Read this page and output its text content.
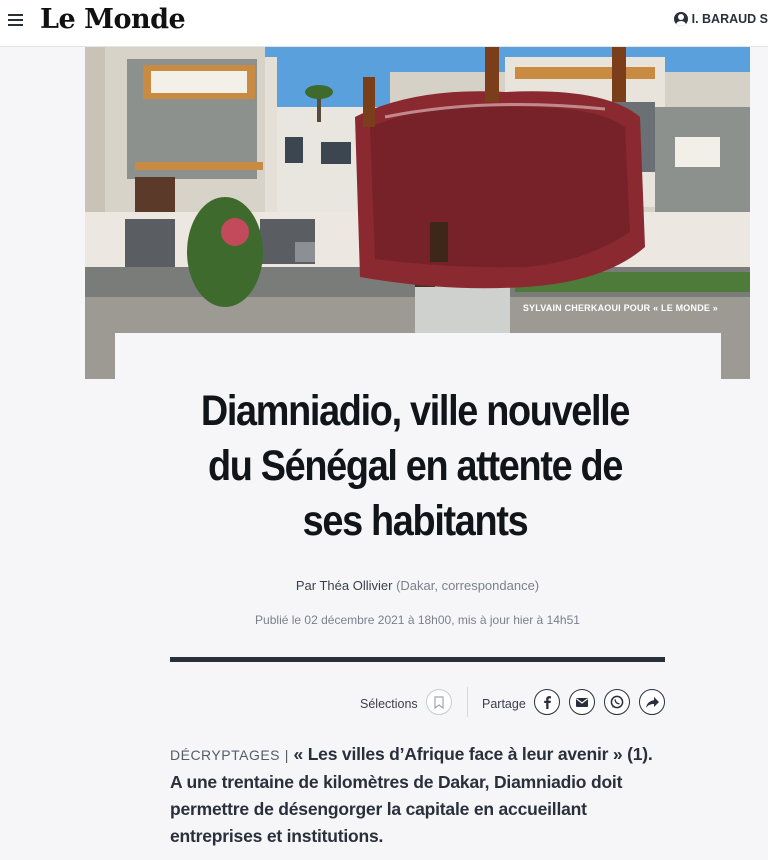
Le Monde	I. BARAUD S
SYLVAIN CHERKAOUI POUR « LE MONDE »
Diamniadio, ville nouvelle du Sénégal en attente de ses habitants
Par Théa Ollivier (Dakar, correspondance)
Publié le 02 décembre 2021 à 18h00, mis à jour hier à 14h51
Sélections	Partage

DÉCRYPTAGES | « Les villes d’Afrique face à leur avenir » (1). A une trentaine de kilomètres de Dakar, Diamniadio doit permettre de désengorger la capitale en accueillant entreprises et institutions.
